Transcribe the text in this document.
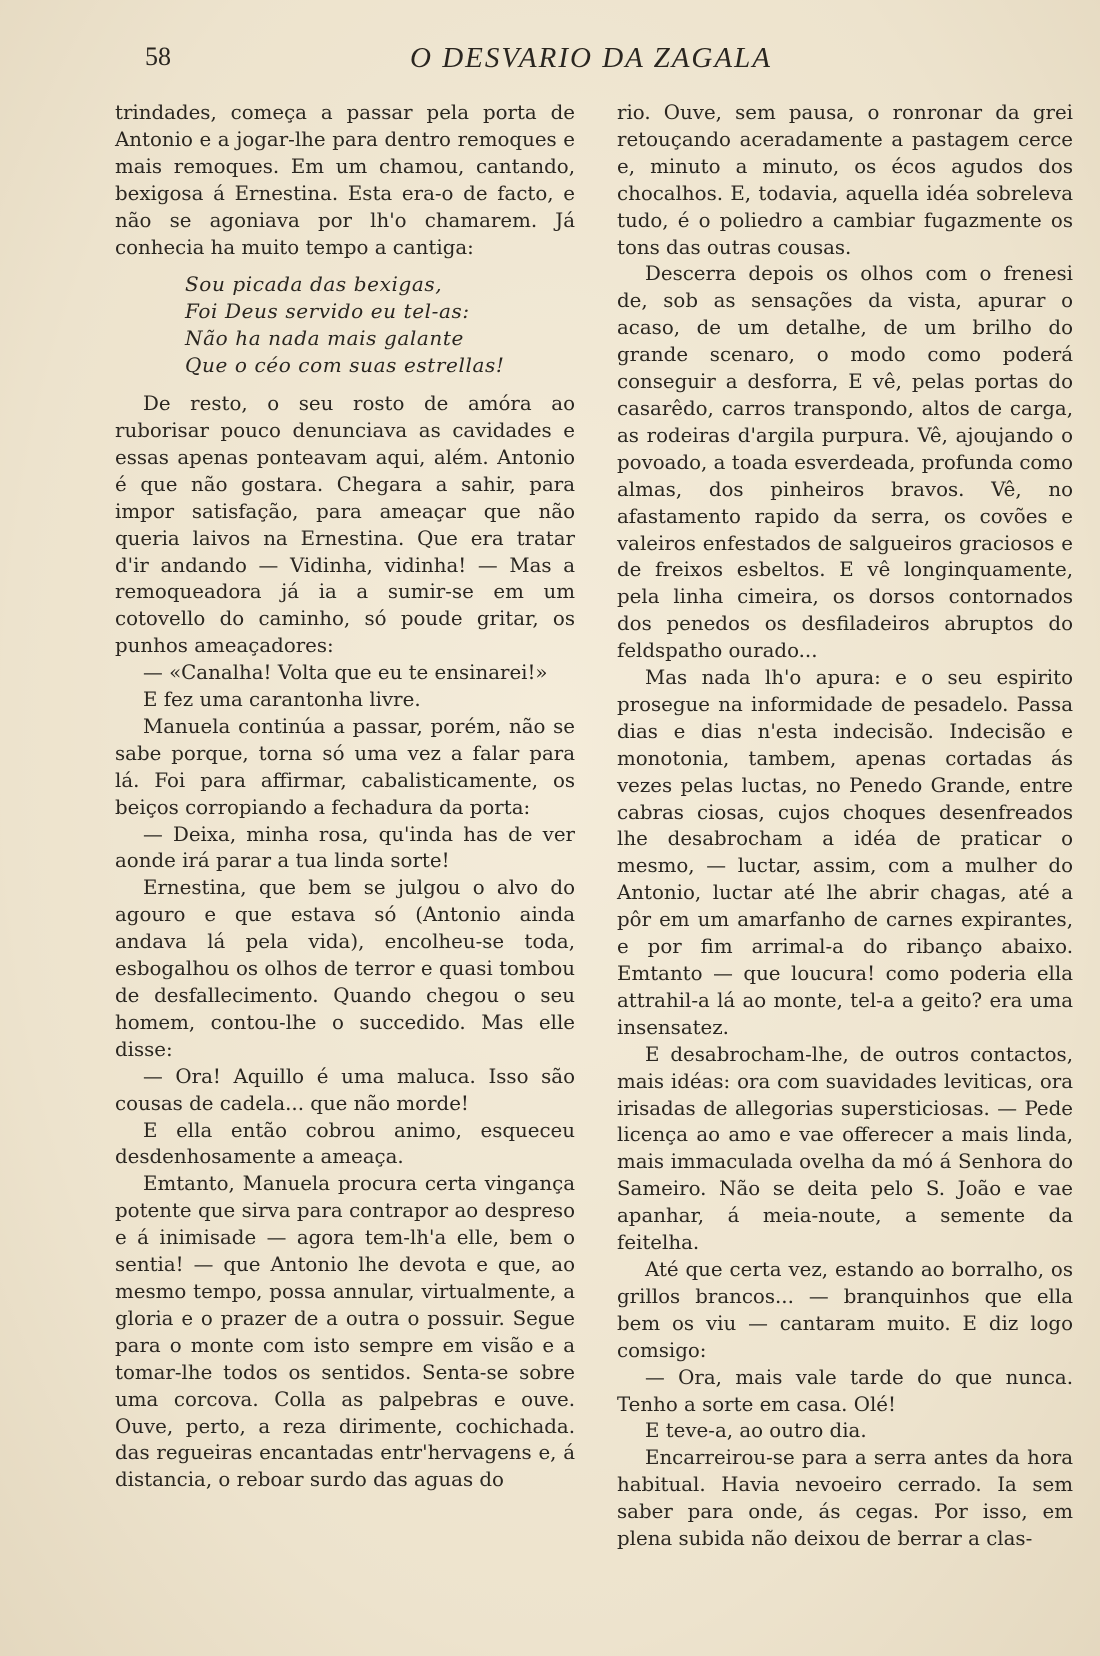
58	O DESVARIO DA ZAGALA

trindades, começa a passar pela porta de Antonio e a jogar-lhe para dentro remoques e mais remoques. Em um chamou, cantando, bexigosa á Ernestina. Esta era-o de facto, e não se agoniava por lh'o chamarem. Já conhecia ha muito tempo a cantiga:

Sou picada das bexigas,
Foi Deus servido eu tel-as:
Não ha nada mais galante
Que o céo com suas estrellas!

De resto, o seu rosto de amóra ao ruborisar pouco denunciava as cavidades e essas apenas ponteavam aqui, além. Antonio é que não gostara. Chegara a sahir, para impor satisfação, para ameaçar que não queria laivos na Ernestina. Que era tratar d'ir andando — Vidinha, vidinha! — Mas a remoqueadora já ia a sumir-se em um cotovello do caminho, só poude gritar, os punhos ameaçadores:

— «Canalha! Volta que eu te ensinarei!»

E fez uma carantonha livre.

Manuela continúa a passar, porém, não se sabe porque, torna só uma vez a falar para lá. Foi para affirmar, cabalisticamente, os beiços corropiando a fechadura da porta:

— Deixa, minha rosa, qu'inda has de ver aonde irá parar a tua linda sorte!

Ernestina, que bem se julgou o alvo do agouro e que estava só (Antonio ainda andava lá pela vida), encolheu-se toda, esbogalhou os olhos de terror e quasi tombou de desfallecimento. Quando chegou o seu homem, contou-lhe o succedido. Mas elle disse:

— Ora! Aquillo é uma maluca. Isso são cousas de cadela... que não morde!

E ella então cobrou animo, esqueceu desdenhosamente a ameaça.

Emtanto, Manuela procura certa vingança potente que sirva para contrapor ao despreso e á inimisade — agora tem-lh'a elle, bem o sentia! — que Antonio lhe devota e que, ao mesmo tempo, possa annular, virtualmente, a gloria e o prazer de a outra o possuir. Segue para o monte com isto sempre em visão e a tomar-lhe todos os sentidos. Senta-se sobre uma corcova. Colla as palpebras e ouve. Ouve, perto, a reza dirimente, cochichada. das regueiras encantadas entr'hervagens e, á distancia, o reboar surdo das aguas do

rio. Ouve, sem pausa, o ronronar da grei retouçando aceradamente a pastagem cerce e, minuto a minuto, os écos agudos dos chocalhos. E, todavia, aquella idéa sobreleva tudo, é o poliedro a cambiar fugazmente os tons das outras cousas.

Descerra depois os olhos com o frenesi de, sob as sensações da vista, apurar o acaso, de um detalhe, de um brilho do grande scenaro, o modo como poderá conseguir a desforra, E vê, pelas portas do casarêdo, carros transpondo, altos de carga, as rodeiras d'argila purpura. Vê, ajoujando o povoado, a toada esverdeada, profunda como almas, dos pinheiros bravos. Vê, no afastamento rapido da serra, os covões e valeiros enfestados de salgueiros graciosos e de freixos esbeltos. E vê longinquamente, pela linha cimeira, os dorsos contornados dos penedos os desfiladeiros abruptos do feldspatho ourado...

Mas nada lh'o apura: e o seu espirito prosegue na informidade de pesadelo. Passa dias e dias n'esta indecisão. Indecisão e monotonia, tambem, apenas cortadas ás vezes pelas luctas, no Penedo Grande, entre cabras ciosas, cujos choques desenfreados lhe desabrocham a idéa de praticar o mesmo, — luctar, assim, com a mulher do Antonio, luctar até lhe abrir chagas, até a pôr em um amarfanho de carnes expirantes, e por fim arrimal-a do ribanço abaixo. Emtanto — que loucura! como poderia ella attrahil-a lá ao monte, tel-a a geito? era uma insensatez.

E desabrocham-lhe, de outros contactos, mais idéas: ora com suavidades leviticas, ora irisadas de allegorias supersticiosas. — Pede licença ao amo e vae offerecer a mais linda, mais immaculada ovelha da mó á Senhora do Sameiro. Não se deita pelo S. João e vae apanhar, á meia-noute, a semente da feitelha.

Até que certa vez, estando ao borralho, os grillos brancos... — branquinhos que ella bem os viu — cantaram muito. E diz logo comsigo:

— Ora, mais vale tarde do que nunca. Tenho a sorte em casa. Olé!

E teve-a, ao outro dia.

Encarreirou-se para a serra antes da hora habitual. Havia nevoeiro cerrado. Ia sem saber para onde, ás cegas. Por isso, em plena subida não deixou de berrar a clas-
